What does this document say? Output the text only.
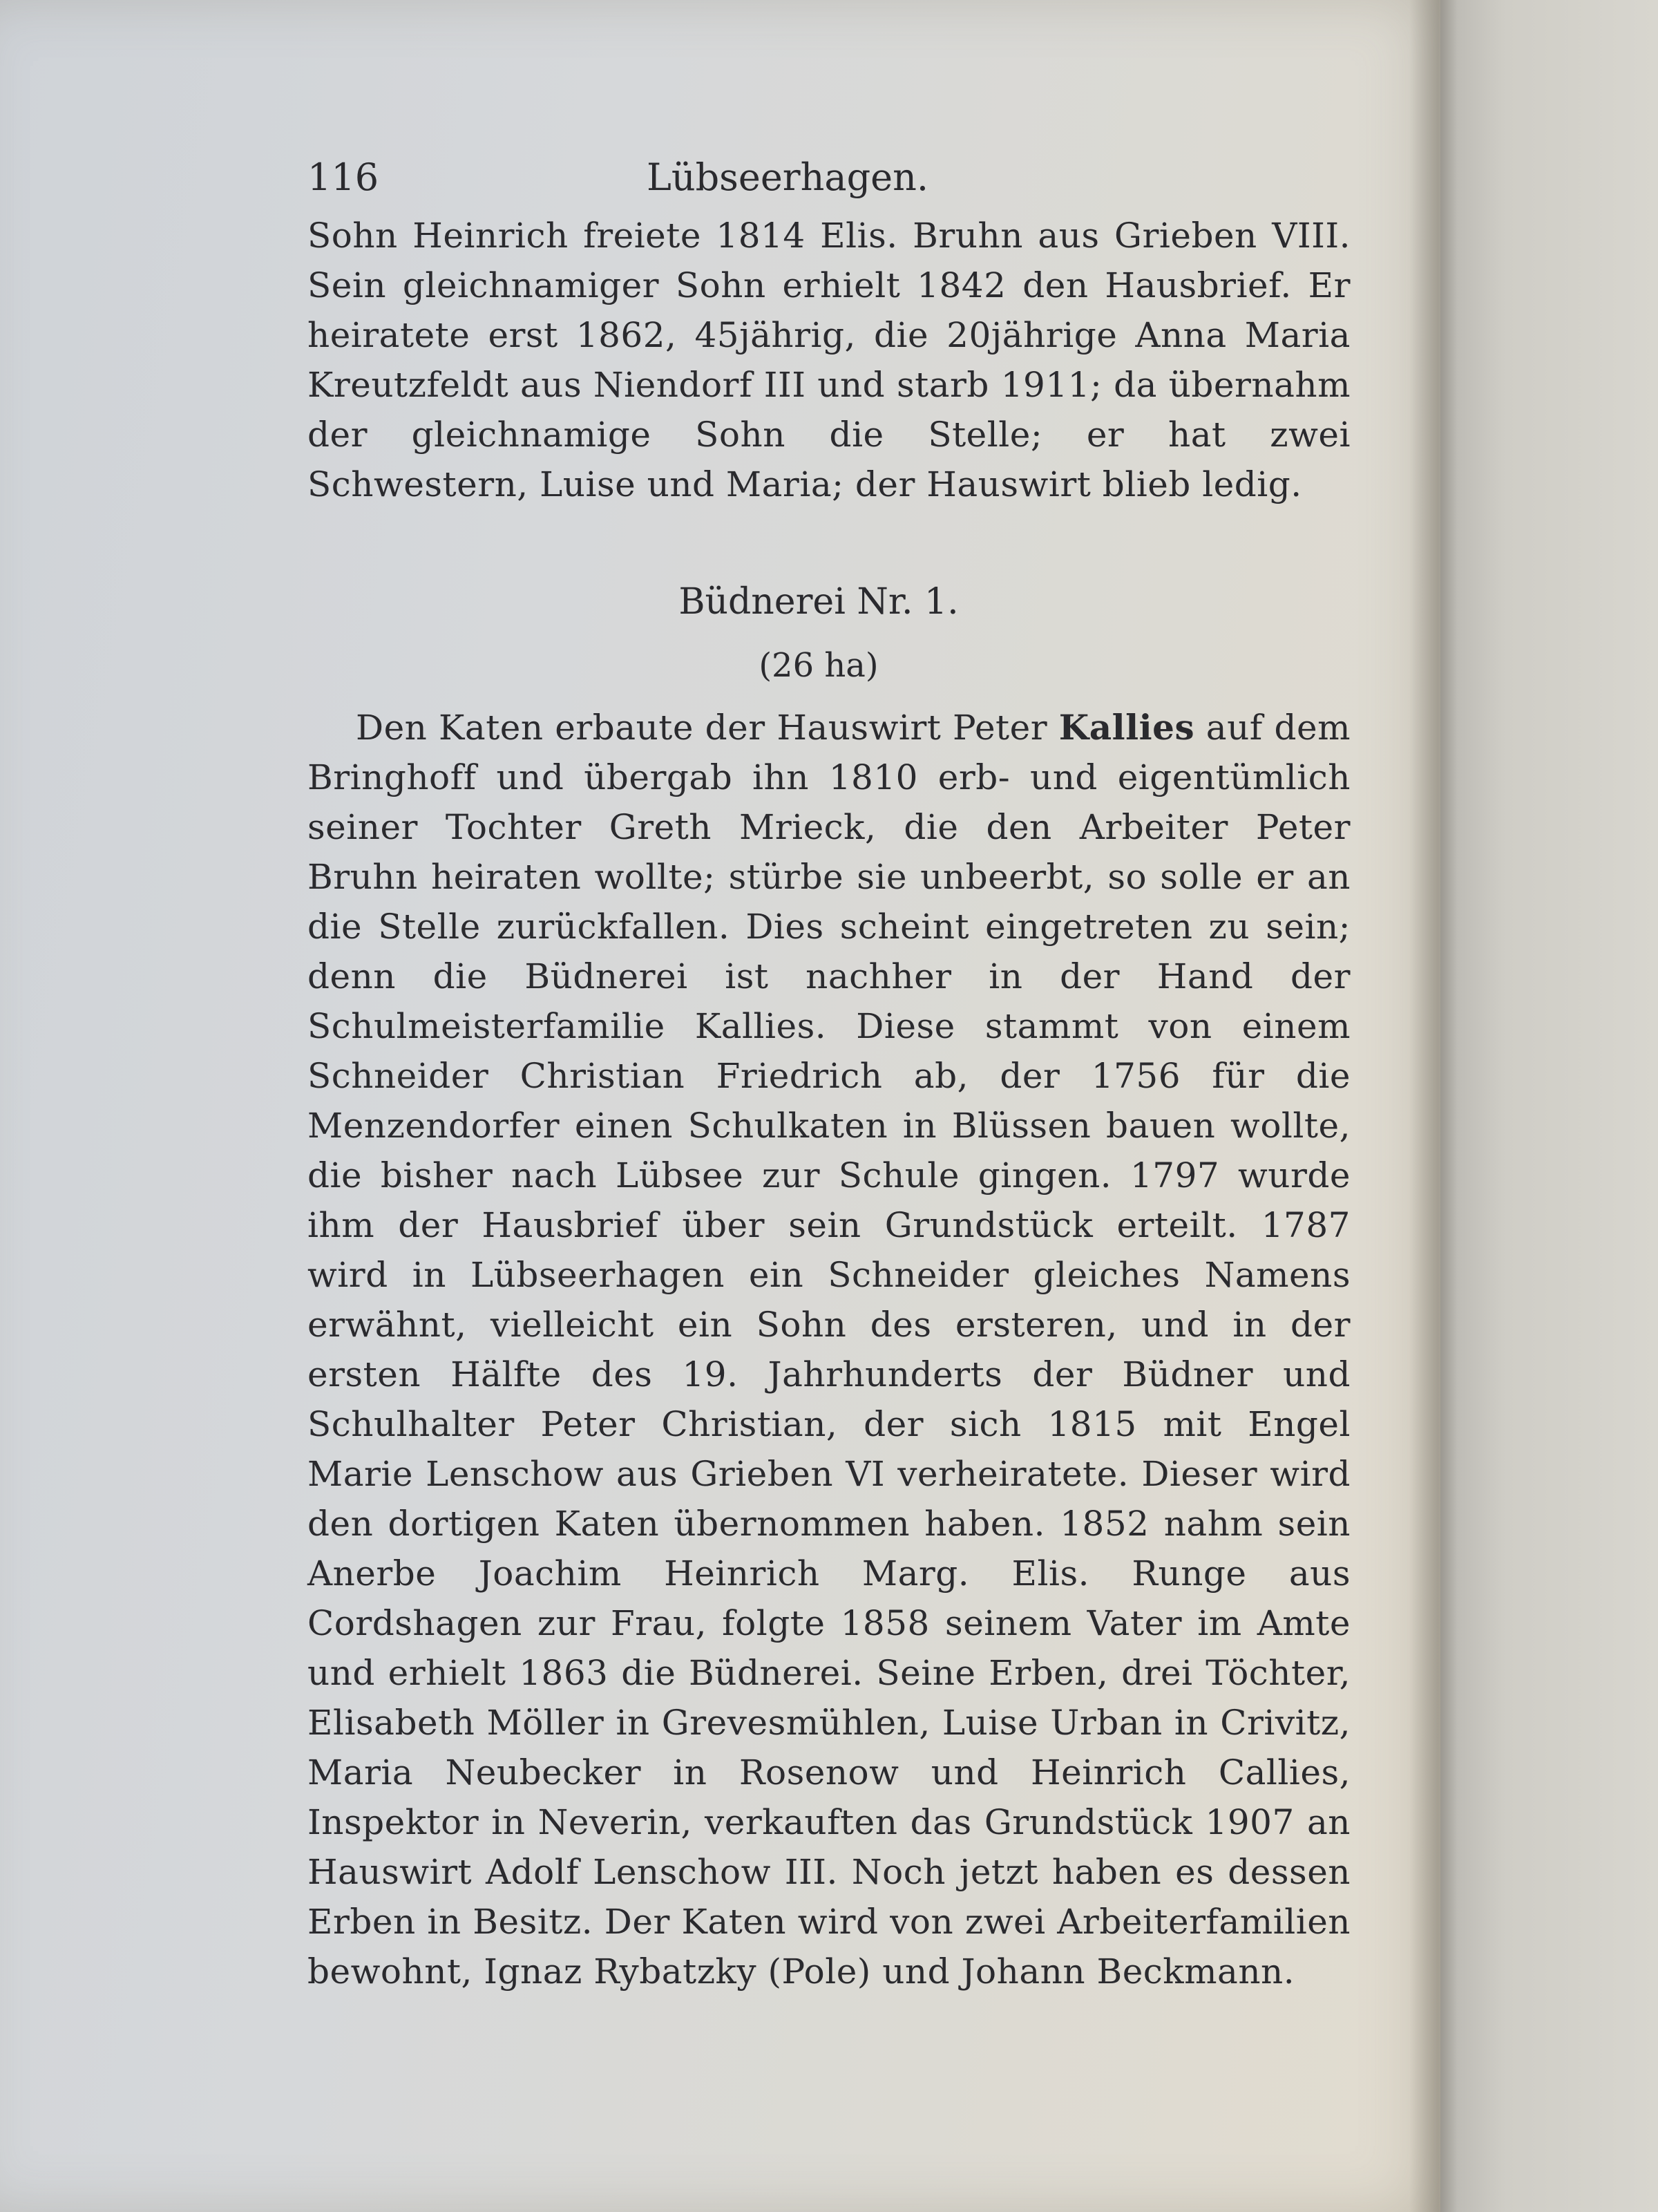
116	Lübseerhagen.

Sohn Heinrich freiete 1814 Elis. Bruhn aus Grieben VIII. Sein gleichnamiger Sohn erhielt 1842 den Hausbrief. Er heiratete erst 1862, 45jährig, die 20jährige Anna Maria Kreutzfeldt aus Niendorf III und starb 1911; da übernahm der gleichnamige Sohn die Stelle; er hat zwei Schwestern, Luise und Maria; der Hauswirt blieb ledig.

Büdnerei Nr. 1.
(26 ha)

Den Katen erbaute der Hauswirt Peter Kallies auf dem Bringhoff und übergab ihn 1810 erb- und eigentümlich seiner Tochter Greth Mrieck, die den Arbeiter Peter Bruhn heiraten wollte; stürbe sie unbeerbt, so solle er an die Stelle zurückfallen. Dies scheint eingetreten zu sein; denn die Büdnerei ist nachher in der Hand der Schulmeisterfamilie Kallies. Diese stammt von einem Schneider Christian Friedrich ab, der 1756 für die Menzendorfer einen Schulkaten in Blüssen bauen wollte, die bisher nach Lübsee zur Schule gingen. 1797 wurde ihm der Hausbrief über sein Grundstück erteilt. 1787 wird in Lübseerhagen ein Schneider gleiches Namens erwähnt, vielleicht ein Sohn des ersteren, und in der ersten Hälfte des 19. Jahrhunderts der Büdner und Schulhalter Peter Christian, der sich 1815 mit Engel Marie Lenschow aus Grieben VI verheiratete. Dieser wird den dortigen Katen übernommen haben. 1852 nahm sein Anerbe Joachim Heinrich Marg. Elis. Runge aus Cordshagen zur Frau, folgte 1858 seinem Vater im Amte und erhielt 1863 die Büdnerei. Seine Erben, drei Töchter, Elisabeth Möller in Grevesmühlen, Luise Urban in Crivitz, Maria Neubecker in Rosenow und Heinrich Callies, Inspektor in Neverin, verkauften das Grundstück 1907 an Hauswirt Adolf Lenschow III. Noch jetzt haben es dessen Erben in Besitz. Der Katen wird von zwei Arbeiterfamilien bewohnt, Ignaz Rybatzky (Pole) und Johann Beckmann.
